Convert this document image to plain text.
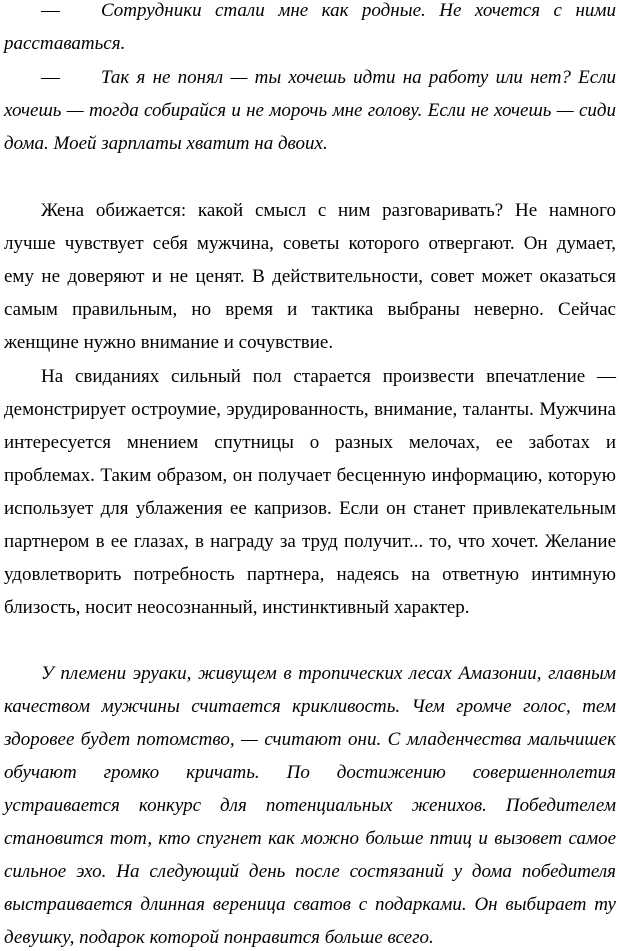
—	Сотрудники стали мне как родные. Не хочется с ними
расставаться.
—	Так я не понял — ты хочешь идти на работу или нет? Если
хочешь — тогда собирайся и не морочь мне голову. Если не хочешь — сиди
дома. Моей зарплаты хватит на двоих.
Жена обижается: какой смысл с ним разговаривать? Не намного
лучше чувствует себя мужчина, советы которого отвергают. Он думает,
ему не доверяют и не ценят. В действительности, совет может оказаться
самым правильным, но время и тактика выбраны неверно. Сейчас
женщине нужно внимание и сочувствие.
На свиданиях сильный пол старается произвести впечатление —
демонстрирует остроумие, эрудированность, внимание, таланты. Мужчина
интересуется мнением спутницы о разных мелочах, ее заботах и
проблемах. Таким образом, он получает бесценную информацию, которую
использует для ублажения ее капризов. Если он станет привлекательным
партнером в ее глазах, в награду за труд получит... то, что хочет. Желание
удовлетворить потребность партнера, надеясь на ответную интимную
близость, носит неосознанный, инстинктивный характер.
У племени эруаки, живущем в тропических лесах Амазонии, главным
качеством мужчины считается крикливость. Чем громче голос, тем
здоровее будет потомство, — считают они. С младенчества мальчишек
обучают громко кричать. По достижению совершеннолетия
устраивается конкурс для потенциальных женихов. Победителем
становится тот, кто спугнет как можно больше птиц и вызовет самое
сильное эхо. На следующий день после состязаний у дома победителя
выстраивается длинная вереница сватов с подарками. Он выбирает ту
девушку, подарок которой понравится больше всего.
